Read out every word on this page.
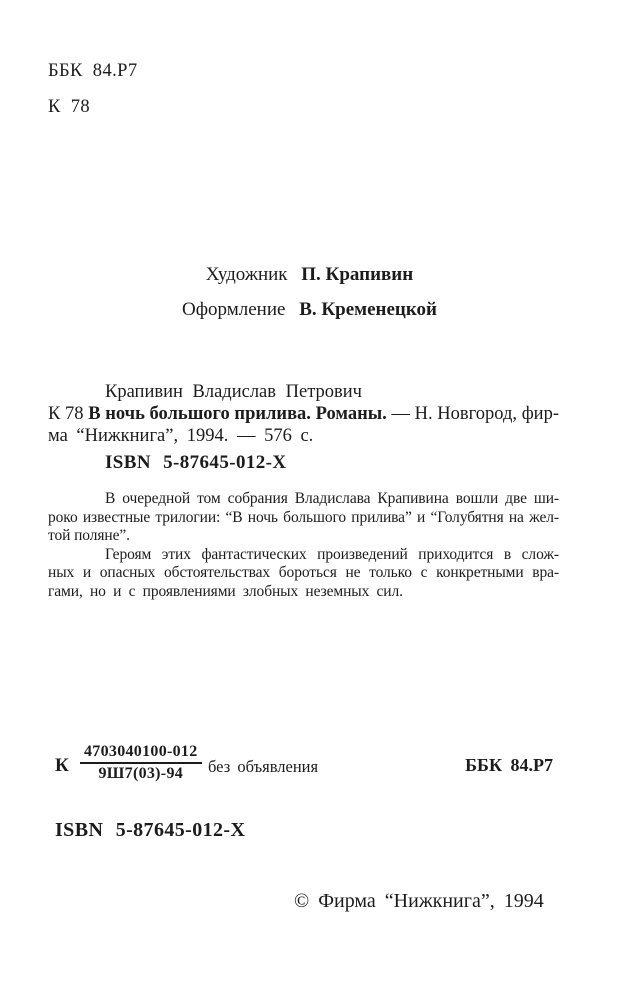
ББК 84.Р7
К 78
Художник П. Крапивин
Оформление В. Кременецкой
Крапивин Владислав Петрович
К 78 В ночь большого прилива. Романы. — Н. Новгород, фир-
ма “Нижкнига”, 1994. — 576 с.
ISBN 5-87645-012-X
В очередной том собрания Владислава Крапивина вошли две ши-
роко известные трилогии: “В ночь большого прилива” и “Голубятня на жел-
той поляне”.
Героям этих фантастических произведений приходится в слож-
ных и опасных обстоятельствах бороться не только с конкретными вра-
гами, но и с проявлениями злобных неземных сил.
К
4703040100-012
9Ш7(03)-94 без объявления	ББК 84.Р7
ISBN 5-87645-012-X
© Фирма “Нижкнига”, 1994
